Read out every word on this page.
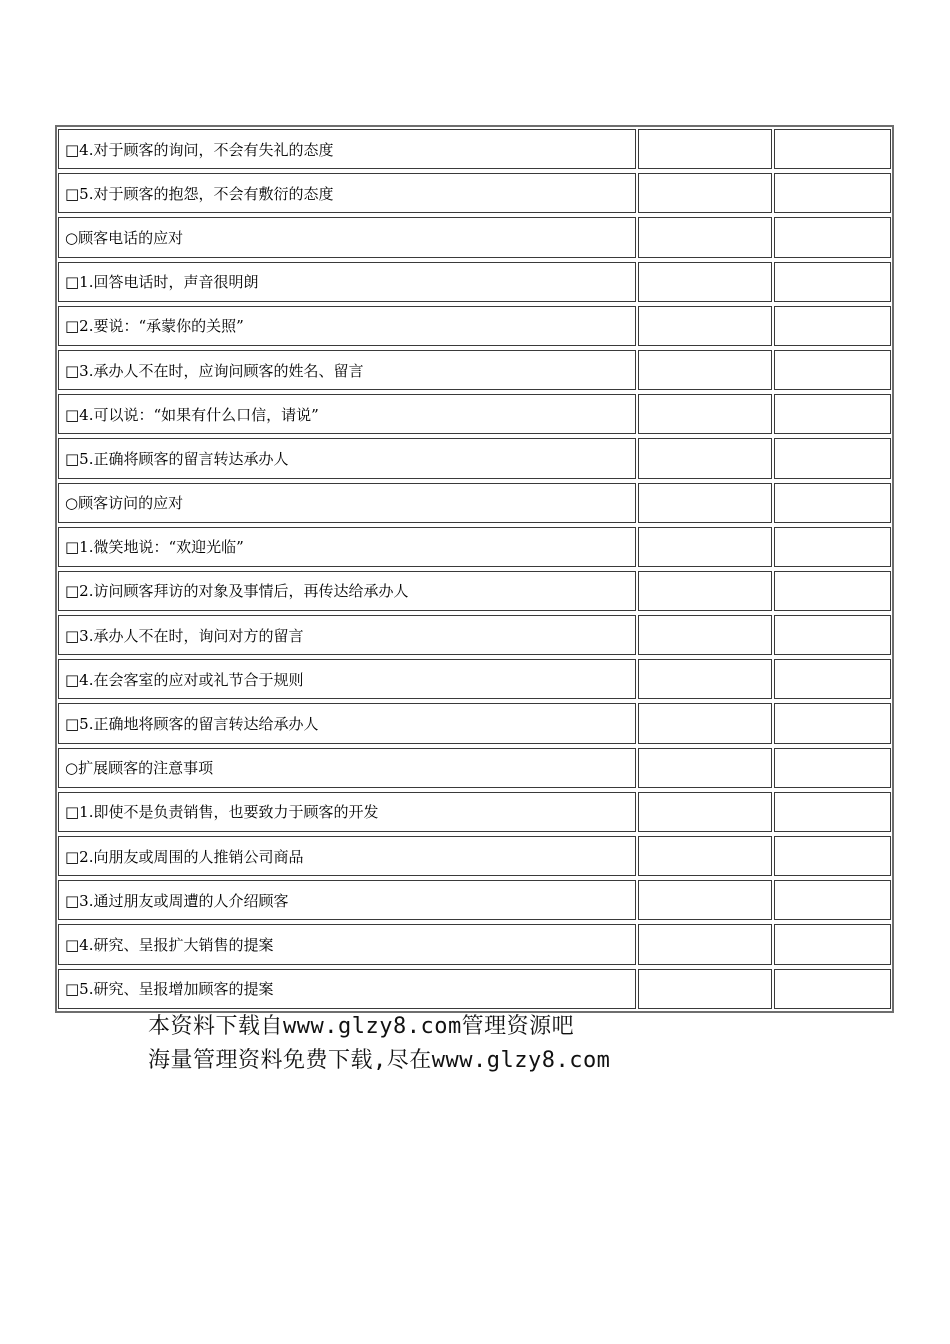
□4.对于顾客的询问，不会有失礼的态度
□5.对于顾客的抱怨，不会有敷衍的态度
○顾客电话的应对
□1.回答电话时，声音很明朗
□2.要说：“承蒙你的关照”
□3.承办人不在时，应询问顾客的姓名、留言
□4.可以说：“如果有什么口信，请说”
□5.正确将顾客的留言转达承办人
○顾客访问的应对
□1.微笑地说：“欢迎光临”
□2.访问顾客拜访的对象及事情后，再传达给承办人
□3.承办人不在时，询问对方的留言
□4.在会客室的应对或礼节合于规则
□5.正确地将顾客的留言转达给承办人
○扩展顾客的注意事项
□1.即使不是负责销售，也要致力于顾客的开发
□2.向朋友或周围的人推销公司商品
□3.通过朋友或周遭的人介绍顾客
□4.研究、呈报扩大销售的提案
□5.研究、呈报增加顾客的提案
本资料下载自www.glzy8.com管理资源吧
海量管理资料免费下载,尽在www.glzy8.com
